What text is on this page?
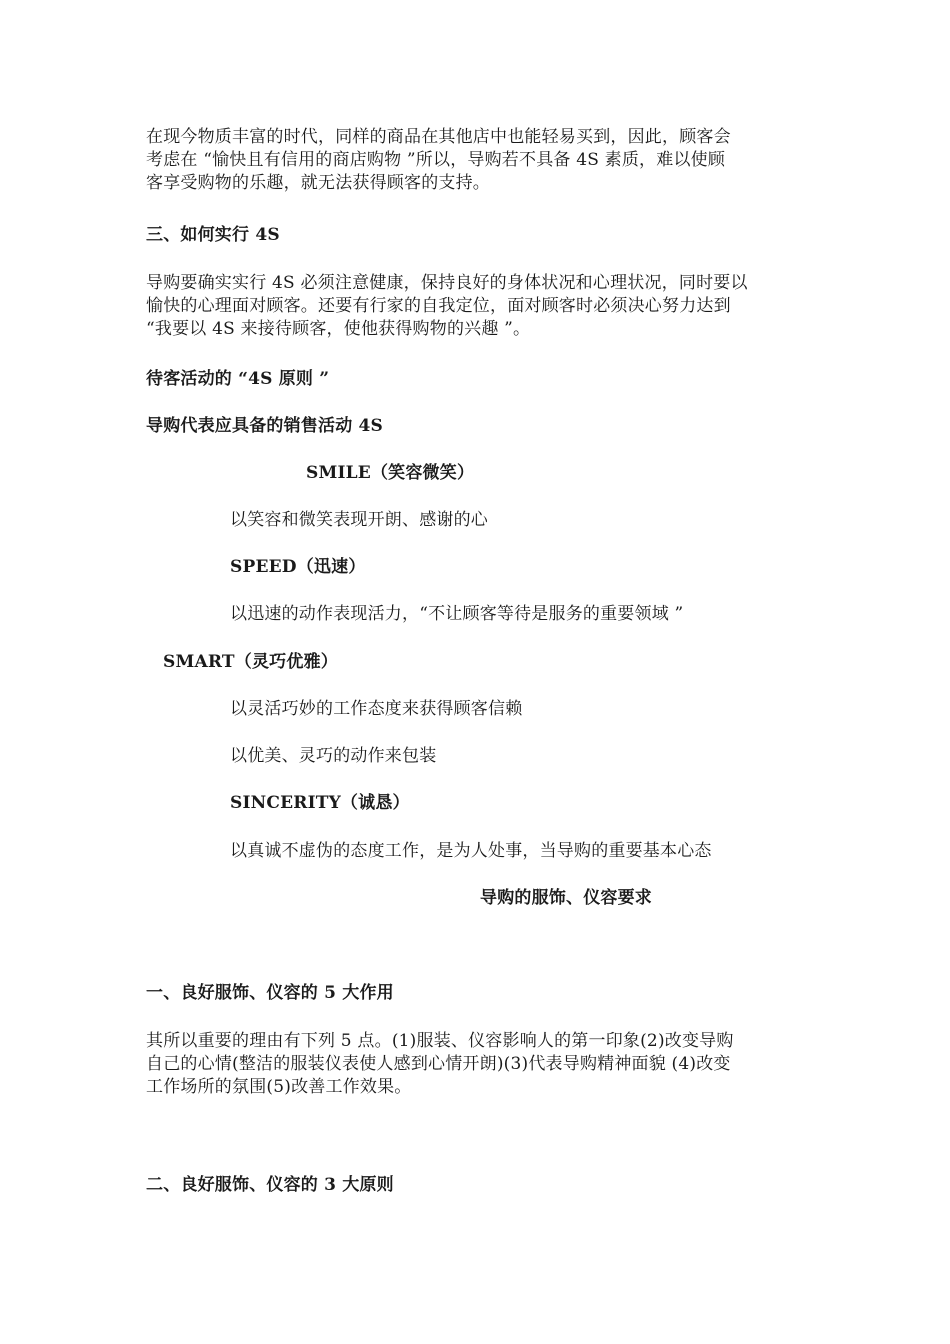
在现今物质丰富的时代，同样的商品在其他店中也能轻易买到，因此，顾客会
考虑在 “愉快且有信用的商店购物 ”所以，导购若不具备 4S 素质，难以使顾
客享受购物的乐趣，就无法获得顾客的支持。
三、如何实行 4S
导购要确实实行 4S 必须注意健康，保持良好的身体状况和心理状况，同时要以
愉快的心理面对顾客。还要有行家的自我定位，面对顾客时必须决心努力达到
“我要以 4S 来接待顾客，使他获得购物的兴趣 ”。
待客活动的 “4S 原则 ”
导购代表应具备的销售活动 4S
SMILE（笑容微笑）
以笑容和微笑表现开朗、感谢的心
SPEED（迅速）
以迅速的动作表现活力，“不让顾客等待是服务的重要领域 ”
SMART（灵巧优雅）
以灵活巧妙的工作态度来获得顾客信赖
以优美、灵巧的动作来包装
SINCERITY（诚恳）
以真诚不虚伪的态度工作，是为人处事，当导购的重要基本心态
导购的服饰、仪容要求
一、良好服饰、仪容的 5 大作用
其所以重要的理由有下列 5 点。(1)服装、仪容影响人的第一印象(2)改变导购
自己的心情(整洁的服装仪表使人感到心情开朗)(3)代表导购精神面貌 (4)改变
工作场所的氛围(5)改善工作效果。
二、良好服饰、仪容的 3 大原则
